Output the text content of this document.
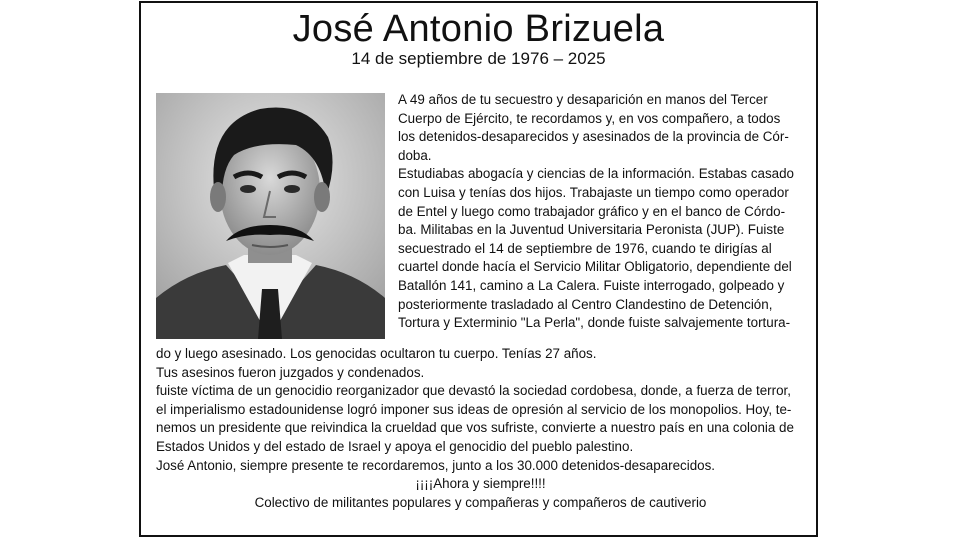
José Antonio Brizuela
14 de septiembre de 1976 – 2025
A 49 años de tu secuestro y desaparición en manos del Tercer
Cuerpo de Ejército, te recordamos y, en vos compañero, a todos
los detenidos-desaparecidos y asesinados de la provincia de Cór-
doba.
Estudiabas abogacía y ciencias de la información. Estabas casado
con Luisa y tenías dos hijos. Trabajaste un tiempo como operador
de Entel y luego como trabajador gráfico y en el banco de Córdo-
ba. Militabas en la Juventud Universitaria Peronista (JUP). Fuiste
secuestrado el 14 de septiembre de 1976, cuando te dirigías al
cuartel donde hacía el Servicio Militar Obligatorio, dependiente del
Batallón 141, camino a La Calera. Fuiste interrogado, golpeado y
posteriormente trasladado al Centro Clandestino de Detención,
Tortura y Exterminio "La Perla", donde fuiste salvajemente tortura-
do y luego asesinado. Los genocidas ocultaron tu cuerpo. Tenías 27 años.
Tus asesinos fueron juzgados y condenados.
fuiste víctima de un genocidio reorganizador que devastó la sociedad cordobesa, donde, a fuerza de terror,
el imperialismo estadounidense logró imponer sus ideas de opresión al servicio de los monopolios. Hoy, te-
nemos un presidente que reivindica la crueldad que vos sufriste, convierte a nuestro país en una colonia de
Estados Unidos y del estado de Israel y apoya el genocidio del pueblo palestino.
José Antonio, siempre presente te recordaremos, junto a los 30.000 detenidos-desaparecidos.
¡¡¡¡Ahora y siempre!!!!
Colectivo de militantes populares y compañeras y compañeros de cautiverio
